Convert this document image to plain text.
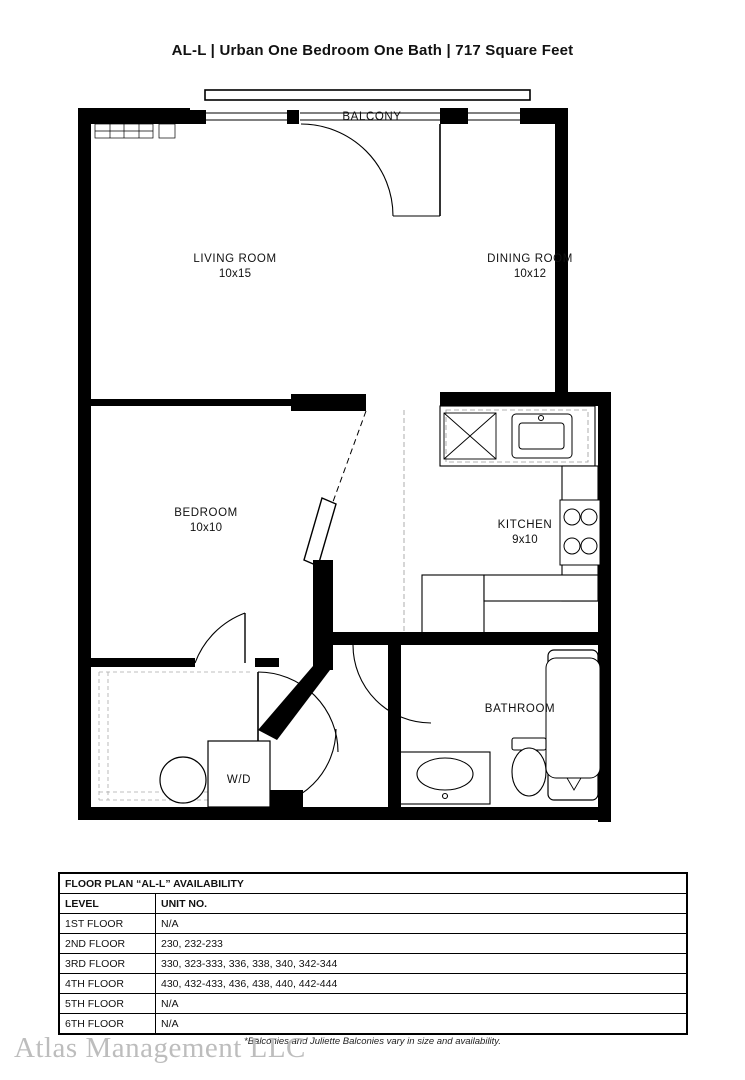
AL-L | Urban One Bedroom One Bath | 717 Square Feet
BALCONY
LIVING ROOM
10x15
DINING ROOM
10x12
BEDROOM
10x10	KITCHEN
9x10
BATHROOM
W/D
FLOOR PLAN “AL-L” AVAILABILITY	
LEVEL	UNIT NO.
1ST FLOOR	N/A
2ND FLOOR	230, 232-233
3RD FLOOR	330, 323-333, 336, 338, 340, 342-344
4TH FLOOR	430, 432-433, 436, 438, 440, 442-444
5TH FLOOR	N/A
6TH FLOOR	N/A
*Balconies and Juliette Balconies vary in size and availability.
Atlas Management LLC
